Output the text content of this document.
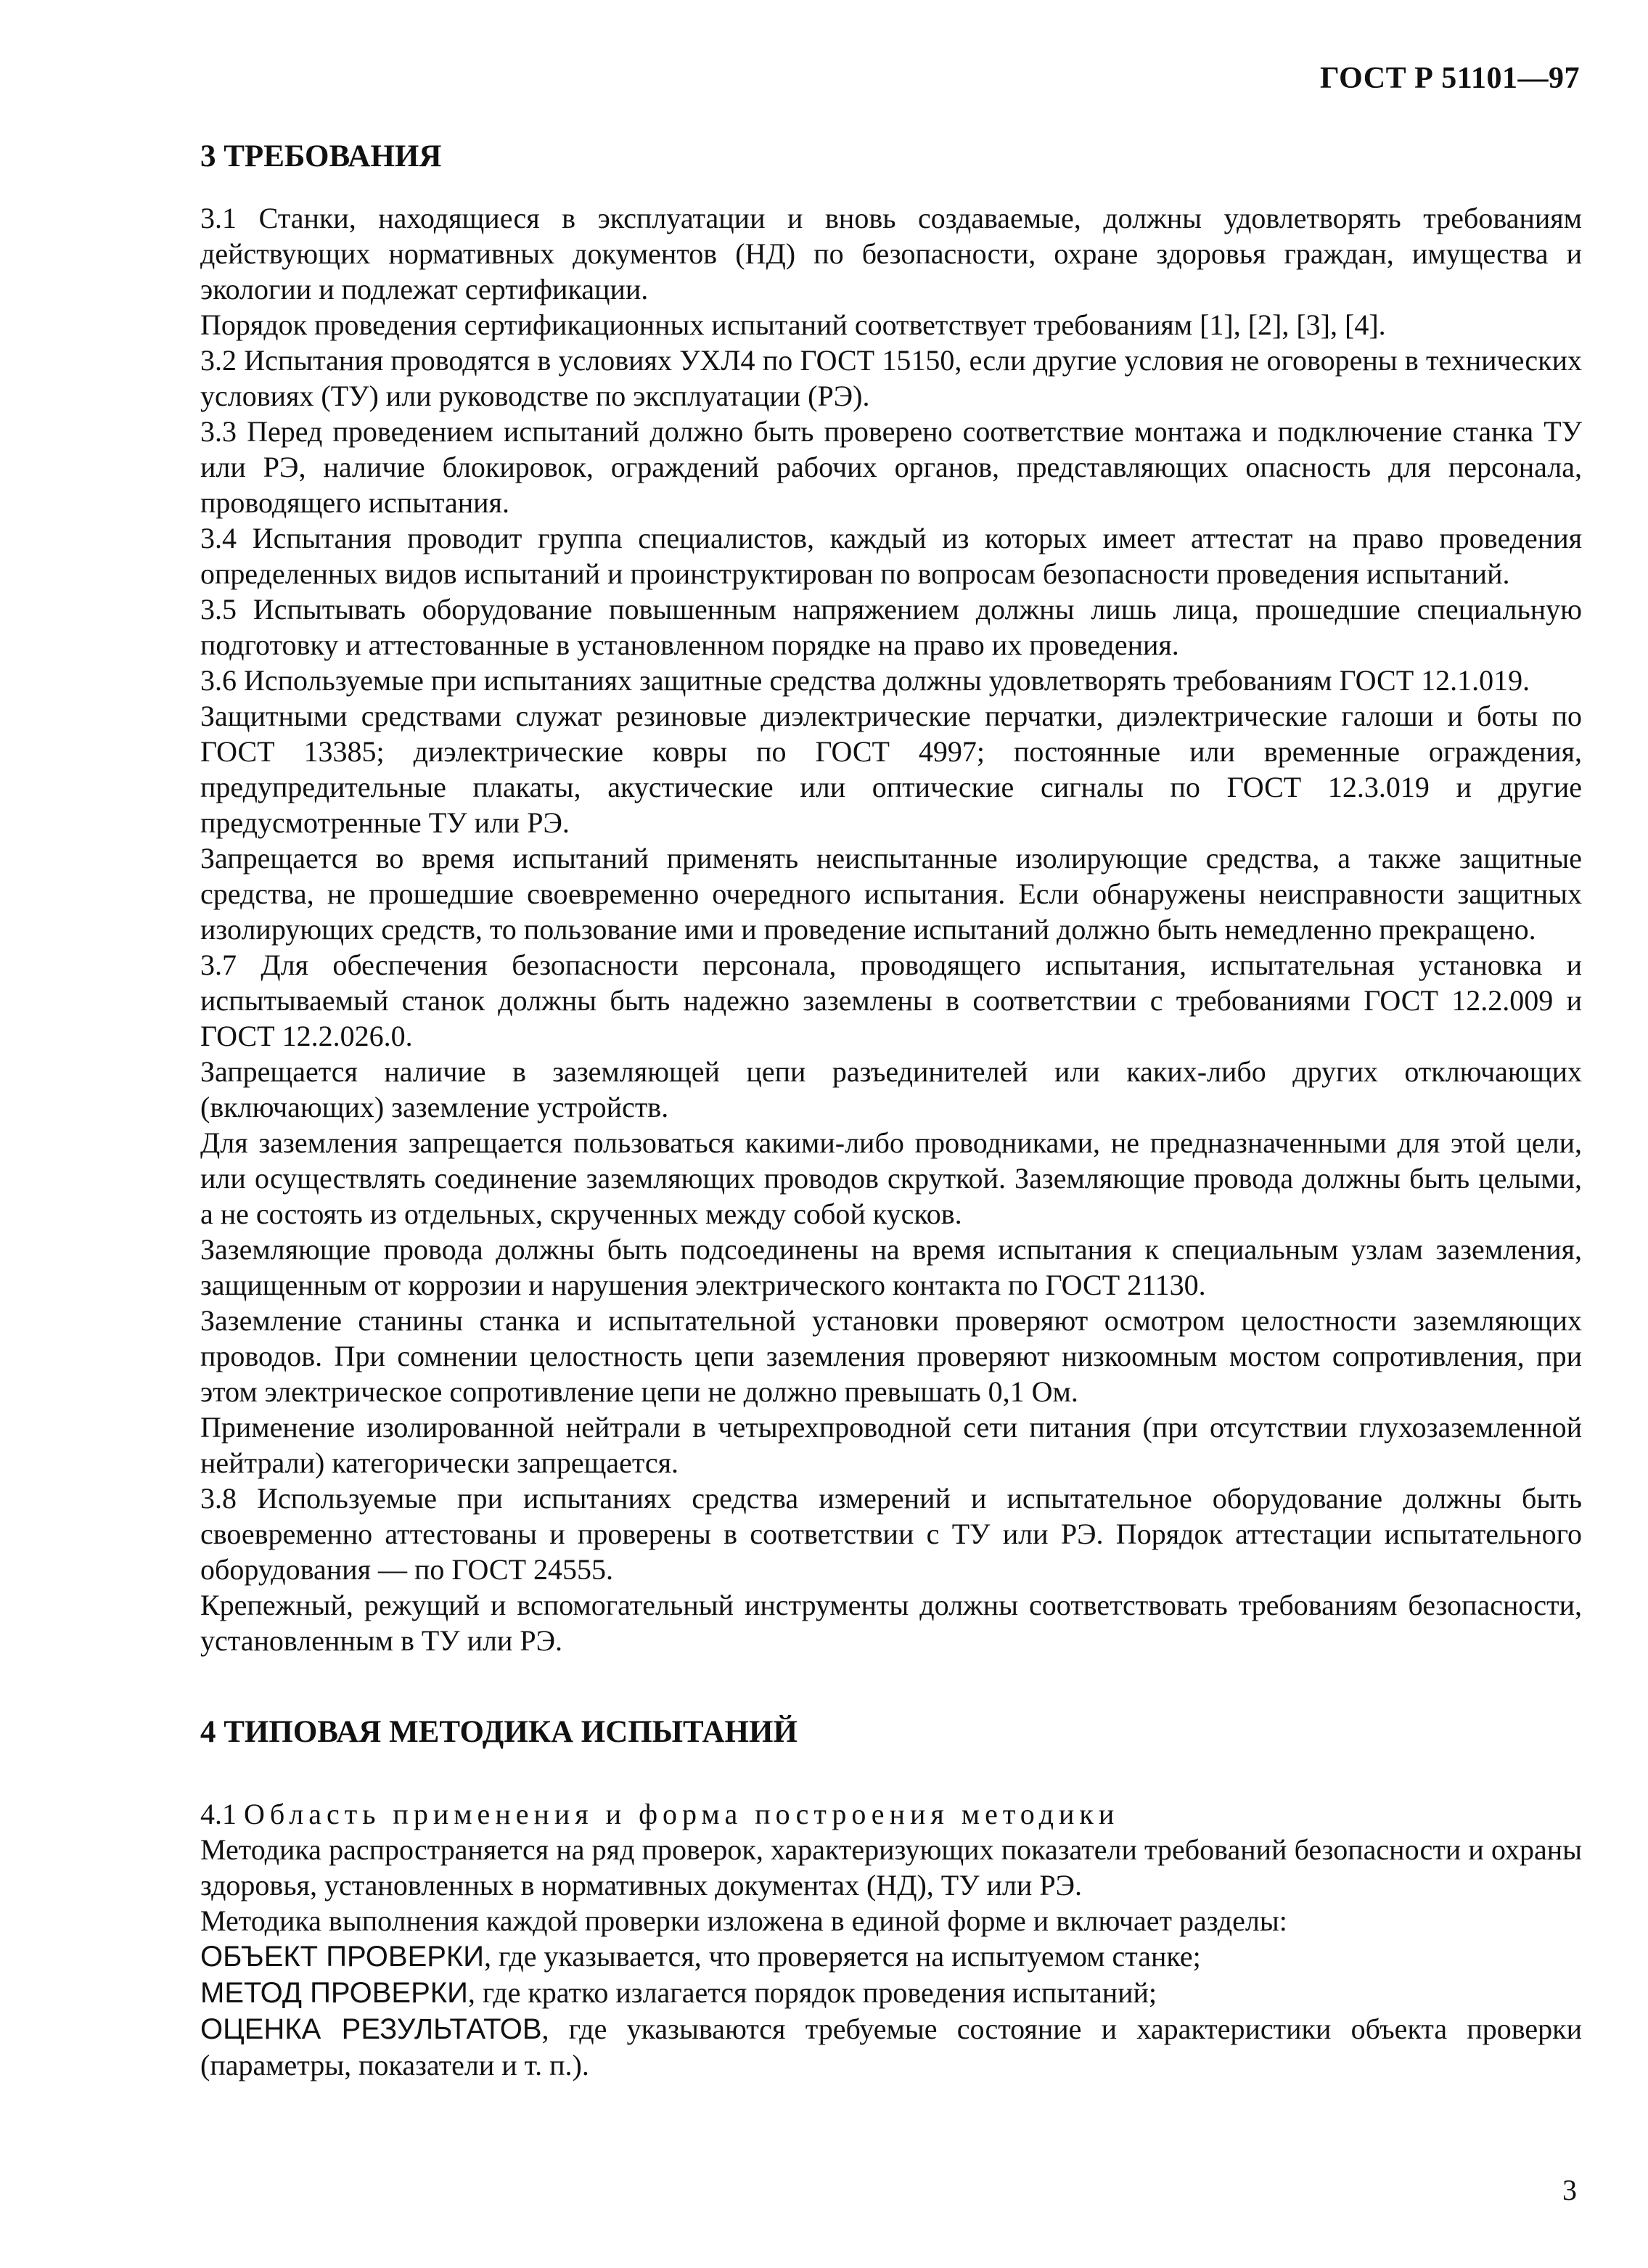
ГОСТ Р 51101—97
3 ТРЕБОВАНИЯ

3.1 Станки, находящиеся в эксплуатации и вновь создаваемые, должны удовлетворять требованиям действующих нормативных документов (НД) по безопасности, охране здоровья граждан, имущества и экологии и подлежат сертификации.

Порядок проведения сертификационных испытаний соответствует требованиям [1], [2], [3], [4].

3.2 Испытания проводятся в условиях УХЛ4 по ГОСТ 15150, если другие условия не оговорены в технических условиях (ТУ) или руководстве по эксплуатации (РЭ).

3.3 Перед проведением испытаний должно быть проверено соответствие монтажа и подключение станка ТУ или РЭ, наличие блокировок, ограждений рабочих органов, представляющих опасность для персонала, проводящего испытания.

3.4 Испытания проводит группа специалистов, каждый из которых имеет аттестат на право проведения определенных видов испытаний и проинструктирован по вопросам безопасности проведения испытаний.

3.5 Испытывать оборудование повышенным напряжением должны лишь лица, прошедшие специальную подготовку и аттестованные в установленном порядке на право их проведения.

3.6 Используемые при испытаниях защитные средства должны удовлетворять требованиям ГОСТ 12.1.019.

Защитными средствами служат резиновые диэлектрические перчатки, диэлектрические галоши и боты по ГОСТ 13385; диэлектрические ковры по ГОСТ 4997; постоянные или временные ограждения, предупредительные плакаты, акустические или оптические сигналы по ГОСТ 12.3.019 и другие предусмотренные ТУ или РЭ.

Запрещается во время испытаний применять неиспытанные изолирующие средства, а также защитные средства, не прошедшие своевременно очередного испытания. Если обнаружены неисправности защитных изолирующих средств, то пользование ими и проведение испытаний должно быть немедленно прекращено.

3.7 Для обеспечения безопасности персонала, проводящего испытания, испытательная установка и испытываемый станок должны быть надежно заземлены в соответствии с требованиями ГОСТ 12.2.009 и ГОСТ 12.2.026.0.

Запрещается наличие в заземляющей цепи разъединителей или каких-либо других отключающих (включающих) заземление устройств.

Для заземления запрещается пользоваться какими-либо проводниками, не предназначенными для этой цели, или осуществлять соединение заземляющих проводов скруткой. Заземляющие провода должны быть целыми, а не состоять из отдельных, скрученных между собой кусков.

Заземляющие провода должны быть подсоединены на время испытания к специальным узлам заземления, защищенным от коррозии и нарушения электрического контакта по ГОСТ 21130.

Заземление станины станка и испытательной установки проверяют осмотром целостности заземляющих проводов. При сомнении целостность цепи заземления проверяют низкоомным мостом сопротивления, при этом электрическое сопротивление цепи не должно превышать 0,1 Ом.

Применение изолированной нейтрали в четырехпроводной сети питания (при отсутствии глухозаземленной нейтрали) категорически запрещается.

3.8 Используемые при испытаниях средства измерений и испытательное оборудование должны быть своевременно аттестованы и проверены в соответствии с ТУ или РЭ. Порядок аттестации испытательного оборудования — по ГОСТ 24555.

Крепежный, режущий и вспомогательный инструменты должны соответствовать требованиям безопасности, установленным в ТУ или РЭ.

4 ТИПОВАЯ МЕТОДИКА ИСПЫТАНИЙ

4.1 Область применения и форма построения методики

Методика распространяется на ряд проверок, характеризующих показатели требований безопасности и охраны здоровья, установленных в нормативных документах (НД), ТУ или РЭ.

Методика выполнения каждой проверки изложена в единой форме и включает разделы:

ОБЪЕКТ ПРОВЕРКИ, где указывается, что проверяется на испытуемом станке;

МЕТОД ПРОВЕРКИ, где кратко излагается порядок проведения испытаний;

ОЦЕНКА РЕЗУЛЬТАТОВ, где указываются требуемые состояние и характеристики объекта проверки (параметры, показатели и т. п.).

3
